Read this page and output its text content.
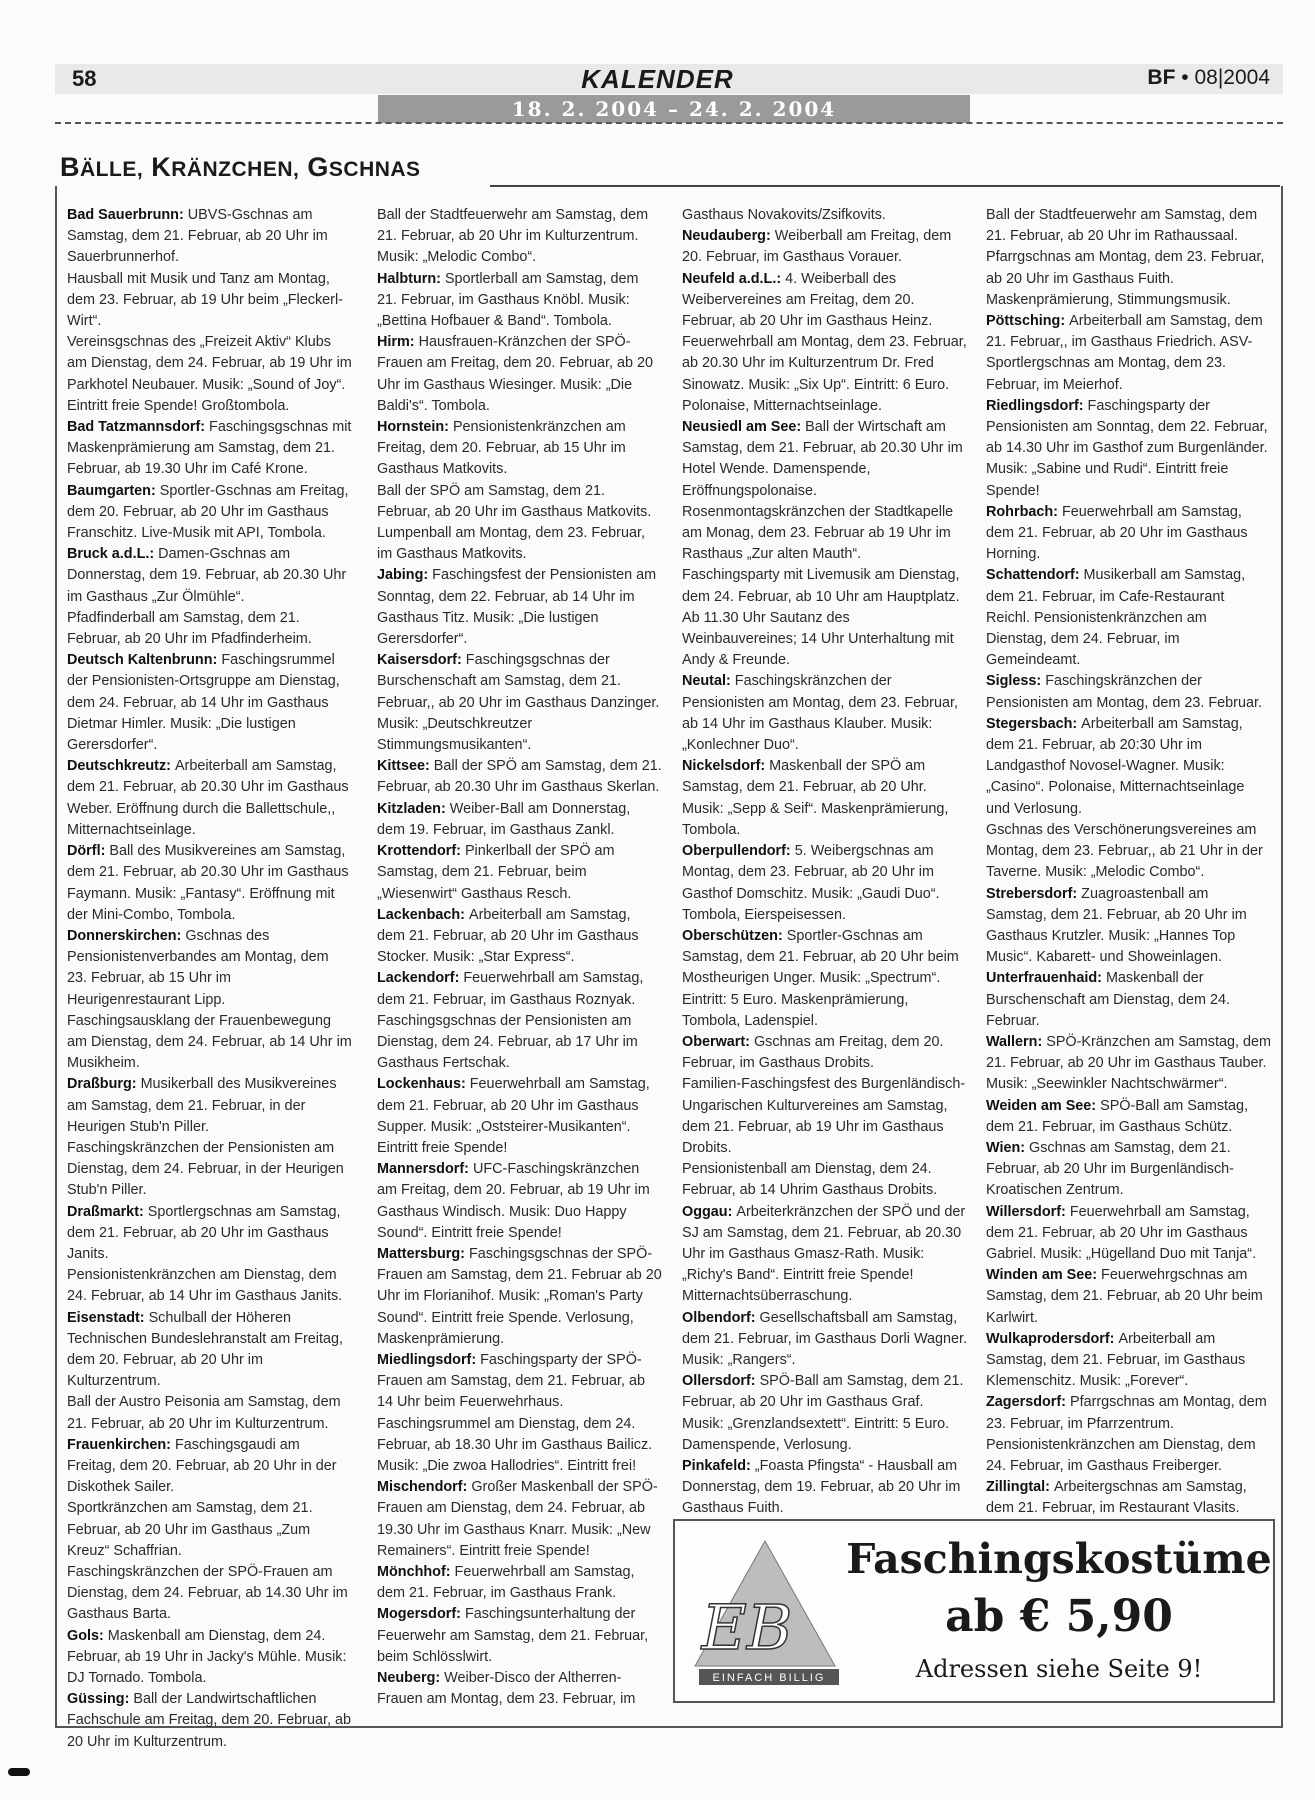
58	KALENDER	BF • 08|2004
18. 2. 2004 – 24. 2. 2004
BÄLLE, KRÄNZCHEN, GSCHNAS

Bad Sauerbrunn: UBVS-Gschnas am Samstag, dem 21. Februar, ab 20 Uhr im Sauerbrunnerhof.

Hausball mit Musik und Tanz am Montag, dem 23. Februar, ab 19 Uhr beim „Fleckerl-Wirt“.

Vereinsgschnas des „Freizeit Aktiv“ Klubs am Dienstag, dem 24. Februar, ab 19 Uhr im Parkhotel Neubauer. Musik: „Sound of Joy“. Eintritt freie Spende! Großtombola.

Bad Tatzmannsdorf: Faschingsgschnas mit Maskenprämierung am Samstag, dem 21. Februar, ab 19.30 Uhr im Café Krone.

Baumgarten: Sportler-Gschnas am Freitag, dem 20. Februar, ab 20 Uhr im Gasthaus Franschitz. Live-Musik mit API, Tombola.

Bruck a.d.L.: Damen-Gschnas am Donnerstag, dem 19. Februar, ab 20.30 Uhr im Gasthaus „Zur Ölmühle“.

Pfadfinderball am Samstag, dem 21. Februar, ab 20 Uhr im Pfadfinderheim.

Deutsch Kaltenbrunn: Faschingsrummel der Pensionisten-Ortsgruppe am Dienstag, dem 24. Februar, ab 14 Uhr im Gasthaus Dietmar Himler. Musik: „Die lustigen Gerersdorfer“.

Deutschkreutz: Arbeiterball am Samstag, dem 21. Februar, ab 20.30 Uhr im Gasthaus Weber. Eröffnung durch die Ballettschule,, Mitternachtseinlage.

Dörfl: Ball des Musikvereines am Samstag, dem 21. Februar, ab 20.30 Uhr im Gasthaus Faymann. Musik: „Fantasy“. Eröffnung mit der Mini-Combo, Tombola.

Donnerskirchen: Gschnas des Pensionistenverbandes am Montag, dem 23. Februar, ab 15 Uhr im Heurigenrestaurant Lipp. Faschingsausklang der Frauenbewegung am Dienstag, dem 24. Februar, ab 14 Uhr im Musikheim.

Draßburg: Musikerball des Musikvereines am Samstag, dem 21. Februar, in der Heurigen Stub'n Piller.

Faschingskränzchen der Pensionisten am Dienstag, dem 24. Februar, in der Heurigen Stub'n Piller.

Draßmarkt: Sportlergschnas am Samstag, dem 21. Februar, ab 20 Uhr im Gasthaus Janits.

Pensionistenkränzchen am Dienstag, dem 24. Februar, ab 14 Uhr im Gasthaus Janits.

Eisenstadt: Schulball der Höheren Technischen Bundeslehranstalt am Freitag, dem 20. Februar, ab 20 Uhr im Kulturzentrum.

Ball der Austro Peisonia am Samstag, dem 21. Februar, ab 20 Uhr im Kulturzentrum.

Frauenkirchen: Faschingsgaudi am Freitag, dem 20. Februar, ab 20 Uhr in der Diskothek Sailer.

Sportkränzchen am Samstag, dem 21. Februar, ab 20 Uhr im Gasthaus „Zum Kreuz“ Schaffrian.

Faschingskränzchen der SPÖ-Frauen am Dienstag, dem 24. Februar, ab 14.30 Uhr im Gasthaus Barta.

Gols: Maskenball am Dienstag, dem 24. Februar, ab 19 Uhr in Jacky's Mühle. Musik: DJ Tornado. Tombola.

Güssing: Ball der Landwirtschaftlichen Fachschule am Freitag, dem 20. Februar, ab 20 Uhr im Kulturzentrum.

Ball der Stadtfeuerwehr am Samstag, dem 21. Februar, ab 20 Uhr im Kulturzentrum. Musik: „Melodic Combo“.

Halbturn: Sportlerball am Samstag, dem 21. Februar, im Gasthaus Knöbl. Musik: „Bettina Hofbauer & Band“. Tombola.

Hirm: Hausfrauen-Kränzchen der SPÖ-Frauen am Freitag, dem 20. Februar, ab 20 Uhr im Gasthaus Wiesinger. Musik: „Die Baldi's“. Tombola.

Hornstein: Pensionistenkränzchen am Freitag, dem 20. Februar, ab 15 Uhr im Gasthaus Matkovits.

Ball der SPÖ am Samstag, dem 21. Februar, ab 20 Uhr im Gasthaus Matkovits.

Lumpenball am Montag, dem 23. Februar, im Gasthaus Matkovits.

Jabing: Faschingsfest der Pensionisten am Sonntag, dem 22. Februar, ab 14 Uhr im Gasthaus Titz. Musik: „Die lustigen Gerersdorfer“.

Kaisersdorf: Faschingsgschnas der Burschenschaft am Samstag, dem 21. Februar,, ab 20 Uhr im Gasthaus Danzinger. Musik: „Deutschkreutzer Stimmungsmusikanten“.

Kittsee: Ball der SPÖ am Samstag, dem 21. Februar, ab 20.30 Uhr im Gasthaus Skerlan.

Kitzladen: Weiber-Ball am Donnerstag, dem 19. Februar, im Gasthaus Zankl.

Krottendorf: Pinkerlball der SPÖ am Samstag, dem 21. Februar, beim „Wiesenwirt“ Gasthaus Resch.

Lackenbach: Arbeiterball am Samstag, dem 21. Februar, ab 20 Uhr im Gasthaus Stocker. Musik: „Star Express“.

Lackendorf: Feuerwehrball am Samstag, dem 21. Februar, im Gasthaus Roznyak. Faschingsgschnas der Pensionisten am Dienstag, dem 24. Februar, ab 17 Uhr im Gasthaus Fertschak.

Lockenhaus: Feuerwehrball am Samstag, dem 21. Februar, ab 20 Uhr im Gasthaus Supper. Musik: „Oststeirer-Musikanten“. Eintritt freie Spende!

Mannersdorf: UFC-Faschingskränzchen am Freitag, dem 20. Februar, ab 19 Uhr im Gasthaus Windisch. Musik: Duo Happy Sound“. Eintritt freie Spende!

Mattersburg: Faschingsgschnas der SPÖ-Frauen am Samstag, dem 21. Februar ab 20 Uhr im Florianihof. Musik: „Roman's Party Sound“. Eintritt freie Spende. Verlosung, Maskenprämierung.

Miedlingsdorf: Faschingsparty der SPÖ-Frauen am Samstag, dem 21. Februar, ab 14 Uhr beim Feuerwehrhaus.

Faschingsrummel am Dienstag, dem 24. Februar, ab 18.30 Uhr im Gasthaus Bailicz. Musik: „Die zwoa Hallodries“. Eintritt frei!

Mischendorf: Großer Maskenball der SPÖ-Frauen am Dienstag, dem 24. Februar, ab 19.30 Uhr im Gasthaus Knarr. Musik: „New Remainers“. Eintritt freie Spende!

Mönchhof: Feuerwehrball am Samstag, dem 21. Februar, im Gasthaus Frank.

Mogersdorf: Faschingsunterhaltung der Feuerwehr am Samstag, dem 21. Februar, beim Schlösslwirt.

Neuberg: Weiber-Disco der Altherren-Frauen am Montag, dem 23. Februar, im

Gasthaus Novakovits/Zsifkovits.

Neudauberg: Weiberball am Freitag, dem 20. Februar, im Gasthaus Vorauer.

Neufeld a.d.L.: 4. Weiberball des Weibervereines am Freitag, dem 20. Februar, ab 20 Uhr im Gasthaus Heinz.

Feuerwehrball am Montag, dem 23. Februar, ab 20.30 Uhr im Kulturzentrum Dr. Fred Sinowatz. Musik: „Six Up“. Eintritt: 6 Euro. Polonaise, Mitternachtseinlage.

Neusiedl am See: Ball der Wirtschaft am Samstag, dem 21. Februar, ab 20.30 Uhr im Hotel Wende. Damenspende, Eröffnungspolonaise.

Rosenmontagskränzchen der Stadtkapelle am Monag, dem 23. Februar ab 19 Uhr im Rasthaus „Zur alten Mauth“.

Faschingsparty mit Livemusik am Dienstag, dem 24. Februar, ab 10 Uhr am Hauptplatz. Ab 11.30 Uhr Sautanz des Weinbauvereines; 14 Uhr Unterhaltung mit Andy & Freunde.

Neutal: Faschingskränzchen der Pensionisten am Montag, dem 23. Februar, ab 14 Uhr im Gasthaus Klauber. Musik: „Konlechner Duo“.

Nickelsdorf: Maskenball der SPÖ am Samstag, dem 21. Februar, ab 20 Uhr. Musik: „Sepp & Seif“. Maskenprämierung, Tombola.

Oberpullendorf: 5. Weibergschnas am Montag, dem 23. Februar, ab 20 Uhr im Gasthof Domschitz. Musik: „Gaudi Duo“. Tombola, Eierspeisessen.

Oberschützen: Sportler-Gschnas am Samstag, dem 21. Februar, ab 20 Uhr beim Mostheurigen Unger. Musik: „Spectrum“. Eintritt: 5 Euro. Maskenprämierung, Tombola, Ladenspiel.

Oberwart: Gschnas am Freitag, dem 20. Februar, im Gasthaus Drobits.

Familien-Faschingsfest des Burgenländisch-Ungarischen Kulturvereines am Samstag, dem 21. Februar, ab 19 Uhr im Gasthaus Drobits.

Pensionistenball am Dienstag, dem 24. Februar, ab 14 Uhrim Gasthaus Drobits.

Oggau: Arbeiterkränzchen der SPÖ und der SJ am Samstag, dem 21. Februar, ab 20.30 Uhr im Gasthaus Gmasz-Rath. Musik: „Richy's Band“. Eintritt freie Spende! Mitternachtsüberraschung.

Olbendorf: Gesellschaftsball am Samstag, dem 21. Februar, im Gasthaus Dorli Wagner. Musik: „Rangers“.

Ollersdorf: SPÖ-Ball am Samstag, dem 21. Februar, ab 20 Uhr im Gasthaus Graf. Musik: „Grenzlandsextett“. Eintritt: 5 Euro. Damenspende, Verlosung.

Pinkafeld: „Foasta Pfingsta“ - Hausball am Donnerstag, dem 19. Februar, ab 20 Uhr im Gasthaus Fuith.

Ball der Stadtfeuerwehr am Samstag, dem 21. Februar, ab 20 Uhr im Rathaussaal. Pfarrgschnas am Montag, dem 23. Februar, ab 20 Uhr im Gasthaus Fuith. Maskenprämierung, Stimmungsmusik.

Pöttsching: Arbeiterball am Samstag, dem 21. Februar,, im Gasthaus Friedrich. ASV-Sportlergschnas am Montag, dem 23. Februar, im Meierhof.

Riedlingsdorf: Faschingsparty der Pensionisten am Sonntag, dem 22. Februar, ab 14.30 Uhr im Gasthof zum Burgenländer. Musik: „Sabine und Rudi“. Eintritt freie Spende!

Rohrbach: Feuerwehrball am Samstag, dem 21. Februar, ab 20 Uhr im Gasthaus Horning.

Schattendorf: Musikerball am Samstag, dem 21. Februar, im Cafe-Restaurant Reichl. Pensionistenkränzchen am Dienstag, dem 24. Februar, im Gemeindeamt.

Sigless: Faschingskränzchen der Pensionisten am Montag, dem 23. Februar.

Stegersbach: Arbeiterball am Samstag, dem 21. Februar, ab 20:30 Uhr im Landgasthof Novosel-Wagner. Musik: „Casino“. Polonaise, Mitternachtseinlage und Verlosung.

Gschnas des Verschönerungsvereines am Montag, dem 23. Februar,, ab 21 Uhr in der Taverne. Musik: „Melodic Combo“.

Strebersdorf: Zuagroastenball am Samstag, dem 21. Februar, ab 20 Uhr im Gasthaus Krutzler. Musik: „Hannes Top Music“. Kabarett- und Showeinlagen.

Unterfrauenhaid: Maskenball der Burschenschaft am Dienstag, dem 24. Februar.

Wallern: SPÖ-Kränzchen am Samstag, dem 21. Februar, ab 20 Uhr im Gasthaus Tauber. Musik: „Seewinkler Nachtschwärmer“.

Weiden am See: SPÖ-Ball am Samstag, dem 21. Februar, im Gasthaus Schütz.

Wien: Gschnas am Samstag, dem 21. Februar, ab 20 Uhr im Burgenländisch-Kroatischen Zentrum.

Willersdorf: Feuerwehrball am Samstag, dem 21. Februar, ab 20 Uhr im Gasthaus Gabriel. Musik: „Hügelland Duo mit Tanja“.

Winden am See: Feuerwehrgschnas am Samstag, dem 21. Februar, ab 20 Uhr beim Karlwirt.

Wulkaprodersdorf: Arbeiterball am Samstag, dem 21. Februar, im Gasthaus Klemenschitz. Musik: „Forever“.

Zagersdorf: Pfarrgschnas am Montag, dem 23. Februar, im Pfarrzentrum. Pensionistenkränzchen am Dienstag, dem 24. Februar, im Gasthaus Freiberger.

Zillingtal: Arbeitergschnas am Samstag, dem 21. Februar, im Restaurant Vlasits.

EB
EINFACH BILLIG
Faschingskostüme
ab € 5,90
Adressen siehe Seite 9!
